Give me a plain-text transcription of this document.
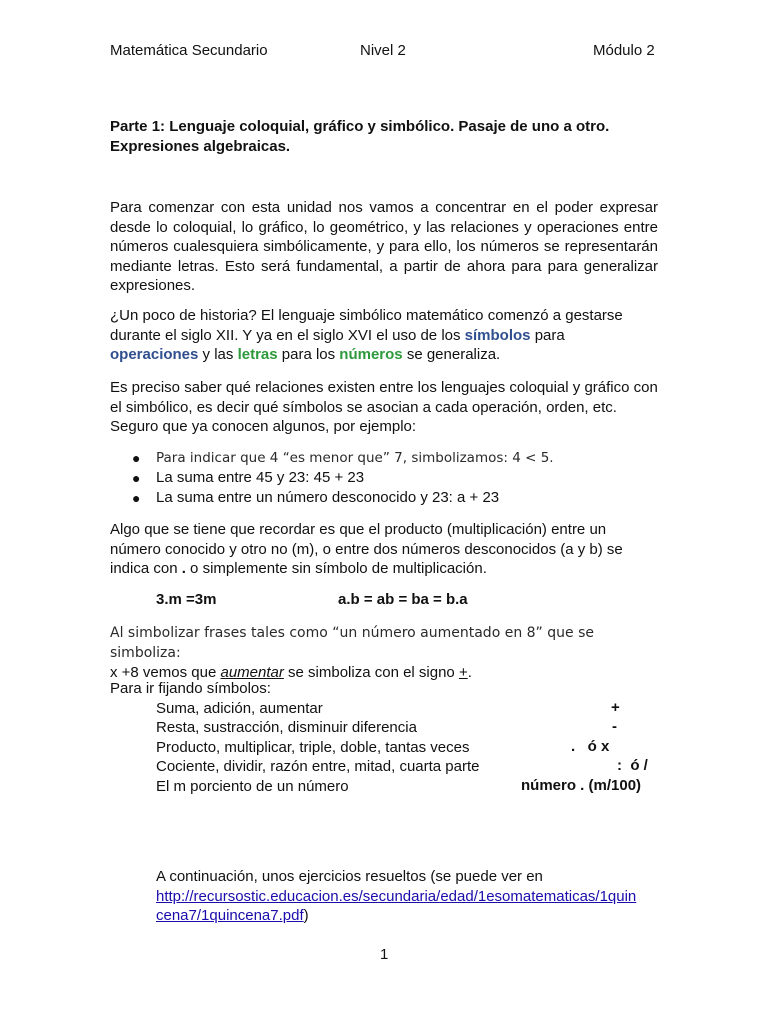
Matemática Secundario	Nivel 2	Módulo 2
Parte 1: Lenguaje coloquial, gráfico y simbólico. Pasaje de uno a otro.
Expresiones algebraicas.
Para comenzar con esta unidad nos vamos a concentrar en el poder expresar desde lo coloquial, lo gráfico, lo geométrico, y las relaciones y operaciones entre números cualesquiera simbólicamente, y para ello, los números se representarán mediante letras. Esto será fundamental, a partir de ahora para para generalizar expresiones.
¿Un poco de historia? El lenguaje simbólico matemático comenzó a gestarse
durante el siglo XII. Y ya en el siglo XVI el uso de los símbolos para
operaciones y las letras para los números se generaliza.
Es preciso saber qué relaciones existen entre los lenguajes coloquial y gráfico con el simbólico, es decir qué símbolos se asocian a cada operación, orden, etc. Seguro que ya conocen algunos, por ejemplo:
● Para indicar que 4 “es menor que” 7, simbolizamos: 4 < 5.
● La suma entre 45 y 23: 45 + 23
● La suma entre un número desconocido y 23: a + 23
Algo que se tiene que recordar es que el producto (multiplicación) entre un número conocido y otro no (m), o entre dos números desconocidos (a y b) se indica con . o simplemente sin símbolo de multiplicación.
3.m =3m	a.b = ab = ba = b.a
Al simbolizar frases tales como “un número aumentado en 8” que se simboliza:
x +8 vemos que aumentar se simboliza con el signo +.
Para ir fijando símbolos:
Suma, adición, aumentar	+
Resta, sustracción, disminuir diferencia	-
Producto, multiplicar, triple, doble, tantas veces	.   ó x
Cociente, dividir, razón entre, mitad, cuarta parte	:  ó /
El m porciento de un número	número . (m/100)
A continuación, unos ejercicios resueltos (se puede ver en
http://recursostic.educacion.es/secundaria/edad/1esomatematicas/1quin
cena7/1quincena7.pdf)
1
